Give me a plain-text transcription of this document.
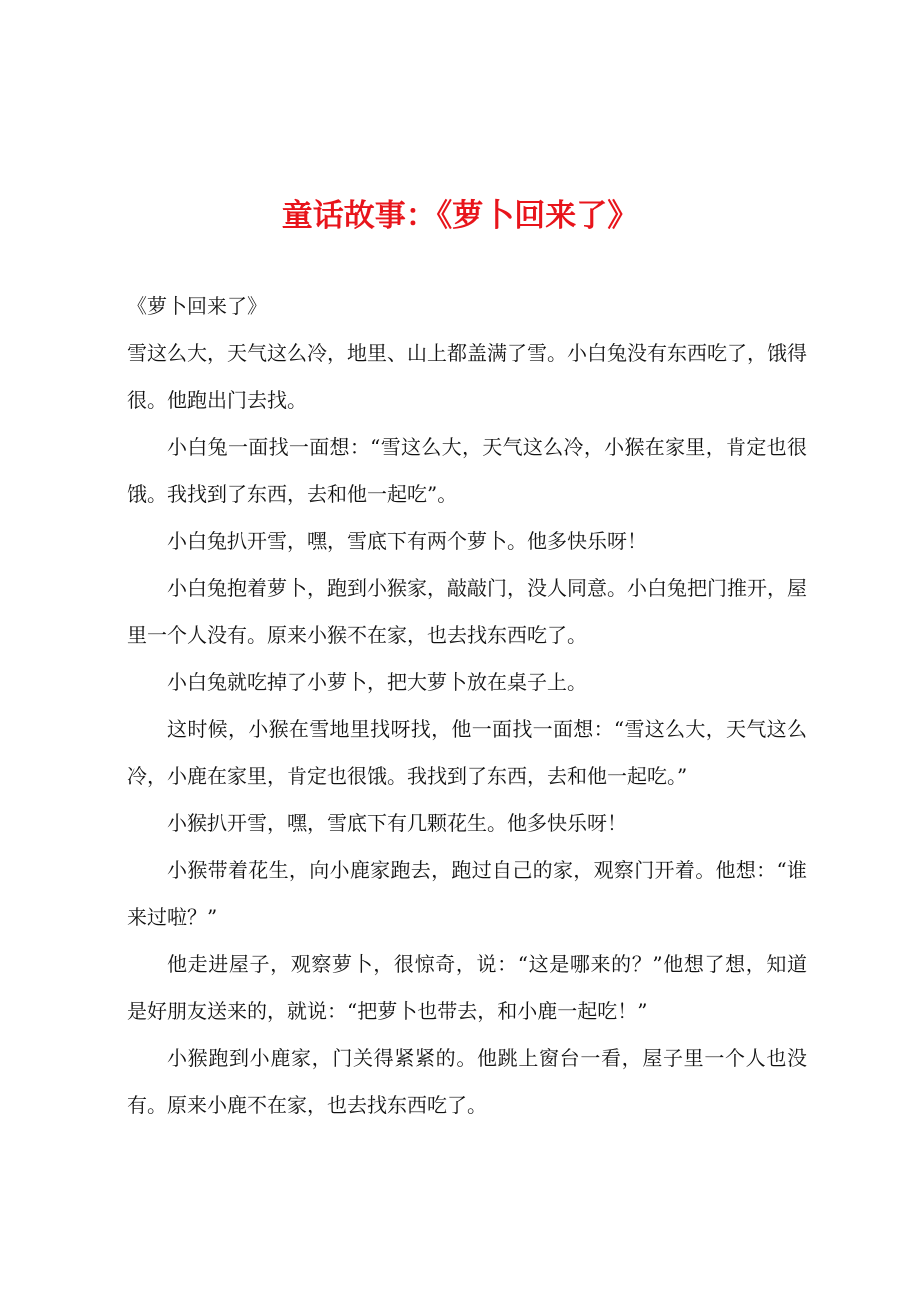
童话故事：《萝卜回来了》

《萝卜回来了》

雪这么大，天气这么冷，地里、山上都盖满了雪。小白兔没有东西吃了，饿得很。他跑出门去找。

小白兔一面找一面想：“雪这么大，天气这么冷，小猴在家里，肯定也很饿。我找到了东西，去和他一起吃”。

小白兔扒开雪，嘿，雪底下有两个萝卜。他多快乐呀！

小白兔抱着萝卜，跑到小猴家，敲敲门，没人同意。小白兔把门推开，屋里一个人没有。原来小猴不在家，也去找东西吃了。

小白兔就吃掉了小萝卜，把大萝卜放在桌子上。

这时候，小猴在雪地里找呀找，他一面找一面想：“雪这么大，天气这么冷，小鹿在家里，肯定也很饿。我找到了东西，去和他一起吃。”

小猴扒开雪，嘿，雪底下有几颗花生。他多快乐呀！

小猴带着花生，向小鹿家跑去，跑过自己的家，观察门开着。他想：“谁来过啦？”

他走进屋子，观察萝卜，很惊奇，说：“这是哪来的？”他想了想，知道是好朋友送来的，就说：“把萝卜也带去，和小鹿一起吃！”

小猴跑到小鹿家，门关得紧紧的。他跳上窗台一看，屋子里一个人也没有。原来小鹿不在家，也去找东西吃了。
